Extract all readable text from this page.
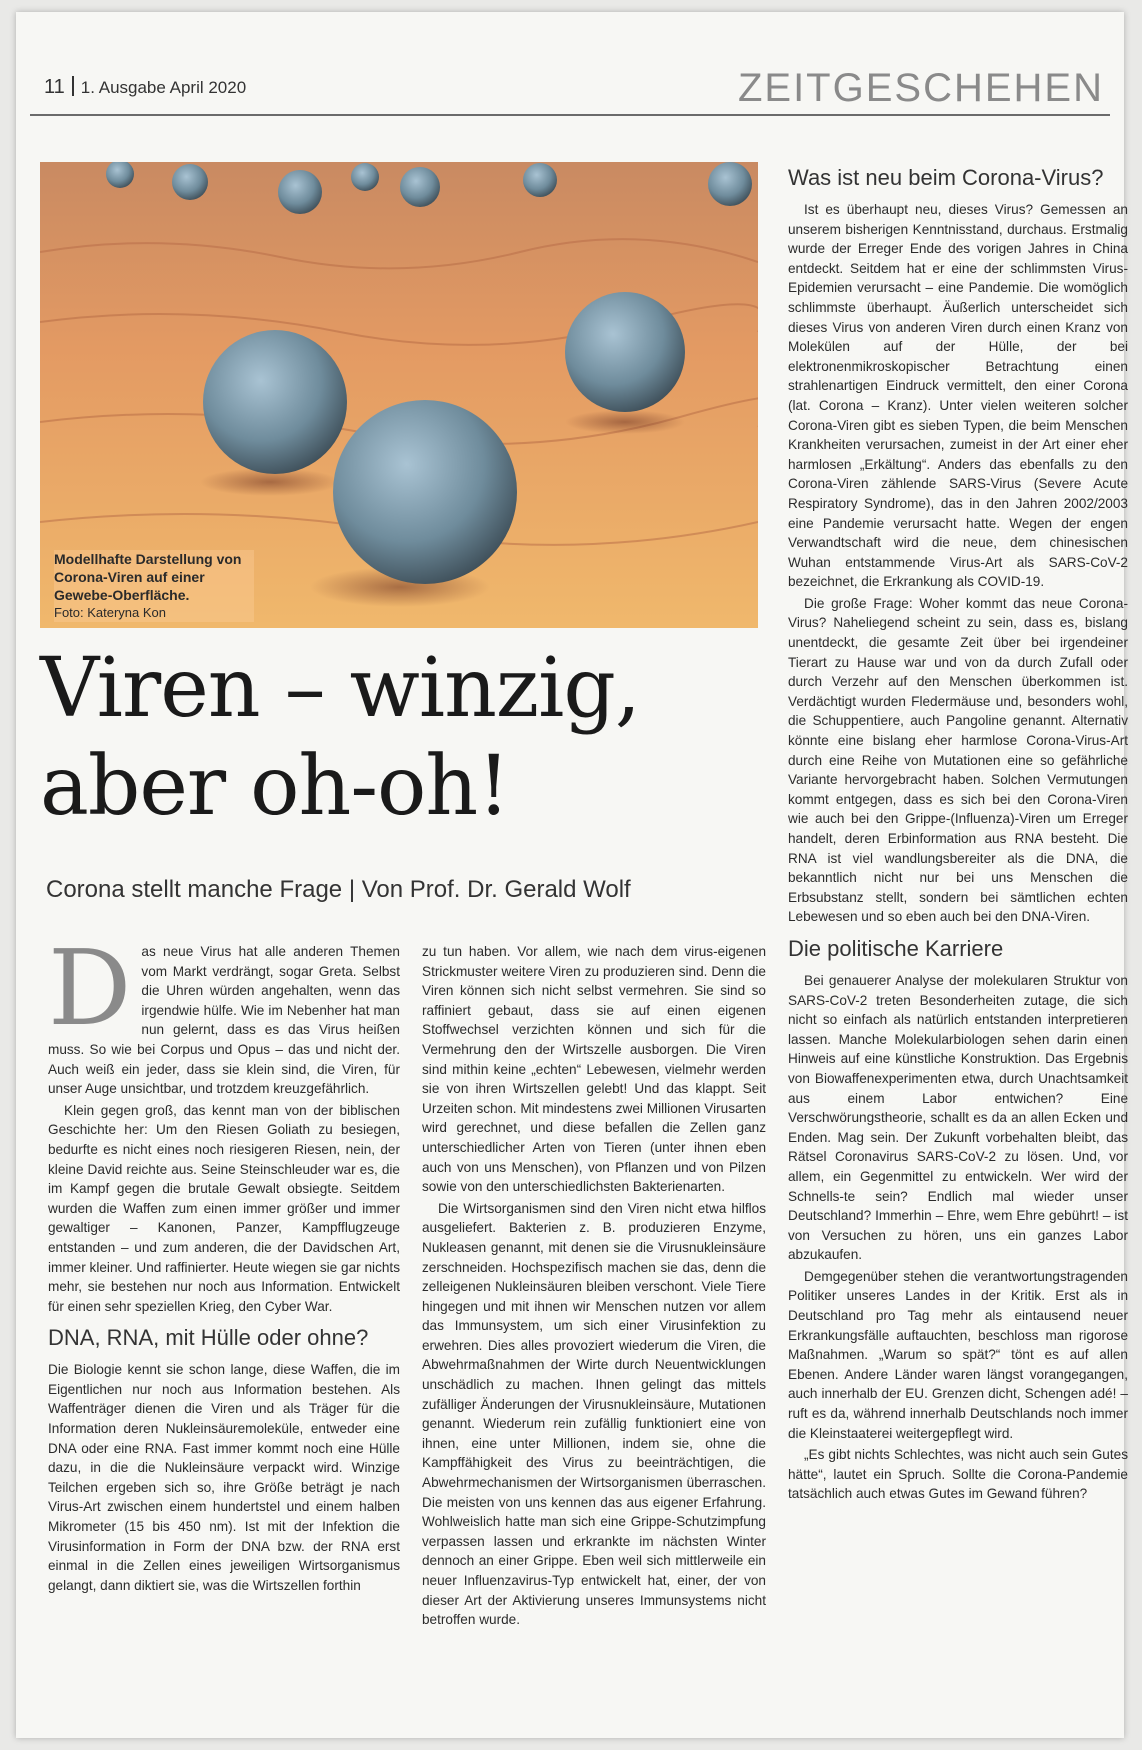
11 1. Ausgabe April 2020	ZEITGESCHEHEN
Modellhafte Darstellung von Corona-Viren auf einer Gewebe-Oberfläche.
Foto: Kateryna Kon
Viren – winzig,
aber oh-oh!
Corona stellt manche Frage | Von Prof. Dr. Gerald Wolf
D as neue Virus hat alle anderen Themen vom Markt verdrängt, sogar Greta. Selbst die Uhren würden angehalten, wenn das irgendwie hülfe. Wie im Nebenher hat man nun gelernt, dass es das Virus heißen muss. So wie bei Corpus und Opus – das und nicht der. Auch weiß ein jeder, dass sie klein sind, die Viren, für unser Auge unsichtbar, und trotzdem kreuzgefährlich.

Klein gegen groß, das kennt man von der biblischen Geschichte her: Um den Riesen Goliath zu besiegen, bedurfte es nicht eines noch riesigeren Riesen, nein, der kleine David reichte aus. Seine Steinschleuder war es, die im Kampf gegen die brutale Gewalt obsiegte. Seitdem wurden die Waffen zum einen immer größer und immer gewaltiger – Kanonen, Panzer, Kampfflugzeuge entstanden – und zum anderen, die der Davidschen Art, immer kleiner. Und raffinierter. Heute wiegen sie gar nichts mehr, sie bestehen nur noch aus Information. Entwickelt für einen sehr speziellen Krieg, den Cyber War.

DNA, RNA, mit Hülle oder ohne?

Die Biologie kennt sie schon lange, diese Waffen, die im Eigentlichen nur noch aus Information bestehen. Als Waffenträger dienen die Viren und als Träger für die Information deren Nukleinsäuremoleküle, entweder eine DNA oder eine RNA. Fast immer kommt noch eine Hülle dazu, in die die Nukleinsäure verpackt wird. Winzige Teilchen ergeben sich so, ihre Größe beträgt je nach Virus-Art zwischen einem hundertstel und einem halben Mikrometer (15 bis 450 nm). Ist mit der Infektion die Virusinformation in Form der DNA bzw. der RNA erst einmal in die Zellen eines jeweiligen Wirtsorganismus gelangt, dann diktiert sie, was die Wirtszellen forthin

zu tun haben. Vor allem, wie nach dem virus-eigenen Strickmuster weitere Viren zu produzieren sind. Denn die Viren können sich nicht selbst vermehren. Sie sind so raffiniert gebaut, dass sie auf einen eigenen Stoffwechsel verzichten können und sich für die Vermehrung den der Wirtszelle ausborgen. Die Viren sind mithin keine „echten“ Lebewesen, vielmehr werden sie von ihren Wirtszellen gelebt! Und das klappt. Seit Urzeiten schon. Mit mindestens zwei Millionen Virusarten wird gerechnet, und diese befallen die Zellen ganz unterschiedlicher Arten von Tieren (unter ihnen eben auch von uns Menschen), von Pflanzen und von Pilzen sowie von den unterschiedlichsten Bakterienarten.

Die Wirtsorganismen sind den Viren nicht etwa hilflos ausgeliefert. Bakterien z. B. produzieren Enzyme, Nukleasen genannt, mit denen sie die Virusnukleinsäure zerschneiden. Hochspezifisch machen sie das, denn die zelleigenen Nukleinsäuren bleiben verschont. Viele Tiere hingegen und mit ihnen wir Menschen nutzen vor allem das Immunsystem, um sich einer Virusinfektion zu erwehren. Dies alles provoziert wiederum die Viren, die Abwehrmaßnahmen der Wirte durch Neuentwicklungen unschädlich zu machen. Ihnen gelingt das mittels zufälliger Änderungen der Virusnukleinsäure, Mutationen genannt. Wiederum rein zufällig funktioniert eine von ihnen, eine unter Millionen, indem sie, ohne die Kampffähigkeit des Virus zu beeinträchtigen, die Abwehrmechanismen der Wirtsorganismen überraschen. Die meisten von uns kennen das aus eigener Erfahrung. Wohlweislich hatte man sich eine Grippe-Schutzimpfung verpassen lassen und erkrankte im nächsten Winter dennoch an einer Grippe. Eben weil sich mittlerweile ein neuer Influenzavirus-Typ entwickelt hat, einer, der von dieser Art der Aktivierung unseres Immunsystems nicht betroffen wurde.

Was ist neu beim Corona-Virus?

Ist es überhaupt neu, dieses Virus? Gemessen an unserem bisherigen Kenntnisstand, durchaus. Erstmalig wurde der Erreger Ende des vorigen Jahres in China entdeckt. Seitdem hat er eine der schlimmsten Virus-Epidemien verursacht – eine Pandemie. Die womöglich schlimmste überhaupt. Äußerlich unterscheidet sich dieses Virus von anderen Viren durch einen Kranz von Molekülen auf der Hülle, der bei elektronenmikroskopischer Betrachtung einen strahlenartigen Eindruck vermittelt, den einer Corona (lat. Corona – Kranz). Unter vielen weiteren solcher Corona-Viren gibt es sieben Typen, die beim Menschen Krankheiten verursachen, zumeist in der Art einer eher harmlosen „Erkältung“. Anders das ebenfalls zu den Corona-Viren zählende SARS-Virus (Severe Acute Respiratory Syndrome), das in den Jahren 2002/2003 eine Pandemie verursacht hatte. Wegen der engen Verwandtschaft wird die neue, dem chinesischen Wuhan entstammende Virus-Art als SARS-CoV-2 bezeichnet, die Erkrankung als COVID-19.

Die große Frage: Woher kommt das neue Corona-Virus? Naheliegend scheint zu sein, dass es, bislang unentdeckt, die gesamte Zeit über bei irgendeiner Tierart zu Hause war und von da durch Zufall oder durch Verzehr auf den Menschen überkommen ist. Verdächtigt wurden Fledermäuse und, besonders wohl, die Schuppentiere, auch Pangoline genannt. Alternativ könnte eine bislang eher harmlose Corona-Virus-Art durch eine Reihe von Mutationen eine so gefährliche Variante hervorgebracht haben. Solchen Vermutungen kommt entgegen, dass es sich bei den Corona-Viren wie auch bei den Grippe-(Influenza)-Viren um Erreger handelt, deren Erbinformation aus RNA besteht. Die RNA ist viel wandlungsbereiter als die DNA, die bekanntlich nicht nur bei uns Menschen die Erbsubstanz stellt, sondern bei sämtlichen echten Lebewesen und so eben auch bei den DNA-Viren.

Die politische Karriere

Bei genauerer Analyse der molekularen Struktur von SARS-CoV-2 treten Besonderheiten zutage, die sich nicht so einfach als natürlich entstanden interpretieren lassen. Manche Molekularbiologen sehen darin einen Hinweis auf eine künstliche Konstruktion. Das Ergebnis von Biowaffenexperimenten etwa, durch Unachtsamkeit aus einem Labor entwichen? Eine Verschwörungstheorie, schallt es da an allen Ecken und Enden. Mag sein. Der Zukunft vorbehalten bleibt, das Rätsel Coronavirus SARS-CoV-2 zu lösen. Und, vor allem, ein Gegenmittel zu entwickeln. Wer wird der Schnells-te sein? Endlich mal wieder unser Deutschland? Immerhin – Ehre, wem Ehre gebührt! – ist von Versuchen zu hören, uns ein ganzes Labor abzukaufen.

Demgegenüber stehen die verantwortungstragenden Politiker unseres Landes in der Kritik. Erst als in Deutschland pro Tag mehr als eintausend neuer Erkrankungsfälle auftauchten, beschloss man rigorose Maßnahmen. „Warum so spät?“ tönt es auf allen Ebenen. Andere Länder waren längst vorangegangen, auch innerhalb der EU. Grenzen dicht, Schengen adé! – ruft es da, während innerhalb Deutschlands noch immer die Kleinstaaterei weitergepflegt wird.

„Es gibt nichts Schlechtes, was nicht auch sein Gutes hätte“, lautet ein Spruch. Sollte die Corona-Pandemie tatsächlich auch etwas Gutes im Gewand führen?
